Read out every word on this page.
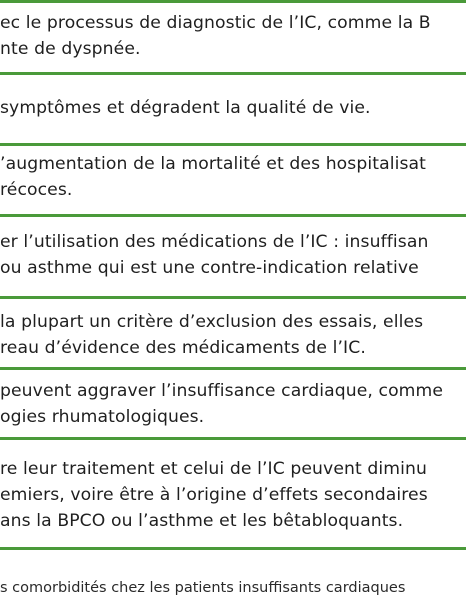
ec le processus de diagnostic de l’IC, comme la B
nte de dyspnée.
symptômes et dégradent la qualité de vie.
’augmentation de la mortalité et des hospitalisat
récoces.
er l’utilisation des médications de l’IC : insuffisan
ou asthme qui est une contre-indication relative
la plupart un critère d’exclusion des essais, elles
reau d’évidence des médicaments de l’IC.
peuvent aggraver l’insuffisance cardiaque, comme
ogies rhumatologiques.
re leur traitement et celui de l’IC peuvent diminu
emiers, voire être à l’origine d’effets secondaires
ans la BPCO ou l’asthme et les bêtabloquants.
s comorbidités chez les patients insuffisants cardiaques
